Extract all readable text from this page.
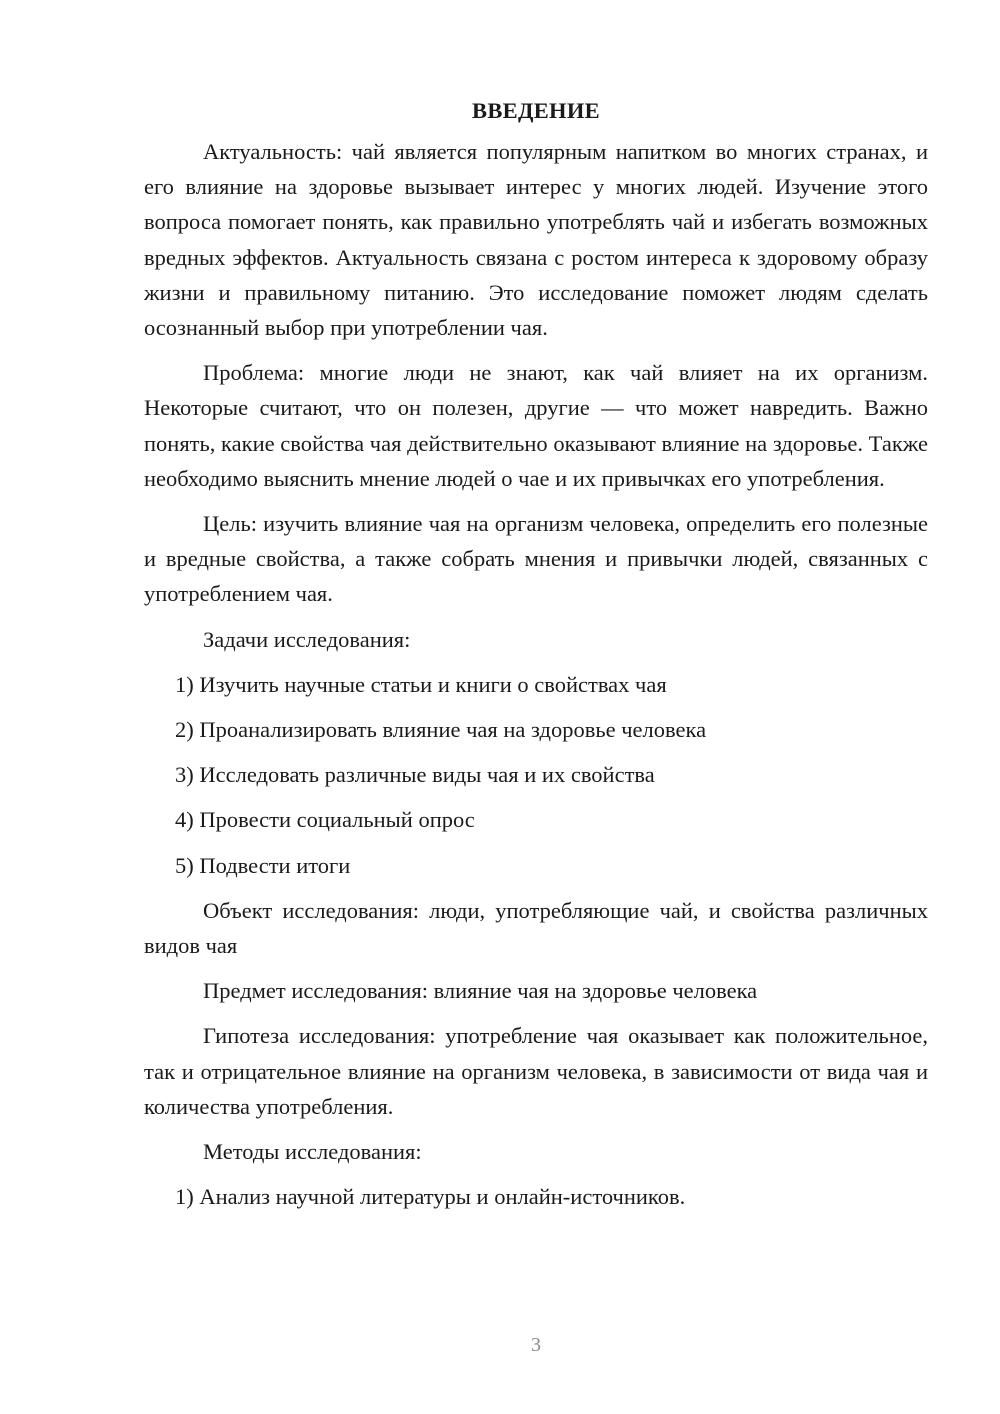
ВВЕДЕНИЕ

Актуальность: чай является популярным напитком во многих странах, и его влияние на здоровье вызывает интерес у многих людей. Изучение этого вопроса помогает понять, как правильно употреблять чай и избегать возможных вредных эффектов. Актуальность связана с ростом интереса к здоровому образу жизни и правильному питанию. Это исследование поможет людям сделать осознанный выбор при употреблении чая.

Проблема: многие люди не знают, как чай влияет на их организм. Некоторые считают, что он полезен, другие — что может навредить. Важно понять, какие свойства чая действительно оказывают влияние на здоровье. Также необходимо выяснить мнение людей о чае и их привычках его употребления.

Цель: изучить влияние чая на организм человека, определить его полезные и вредные свойства, а также собрать мнения и привычки людей, связанных с употреблением чая.

Задачи исследования:

1) Изучить научные статьи и книги о свойствах чая

2) Проанализировать влияние чая на здоровье человека

3) Исследовать различные виды чая и их свойства

4) Провести социальный опрос

5) Подвести итоги

Объект исследования: люди, употребляющие чай, и свойства различных видов чая

Предмет исследования: влияние чая на здоровье человека

Гипотеза исследования: употребление чая оказывает как положительное, так и отрицательное влияние на организм человека, в зависимости от вида чая и количества употребления.

Методы исследования:

1) Анализ научной литературы и онлайн-источников.

3
